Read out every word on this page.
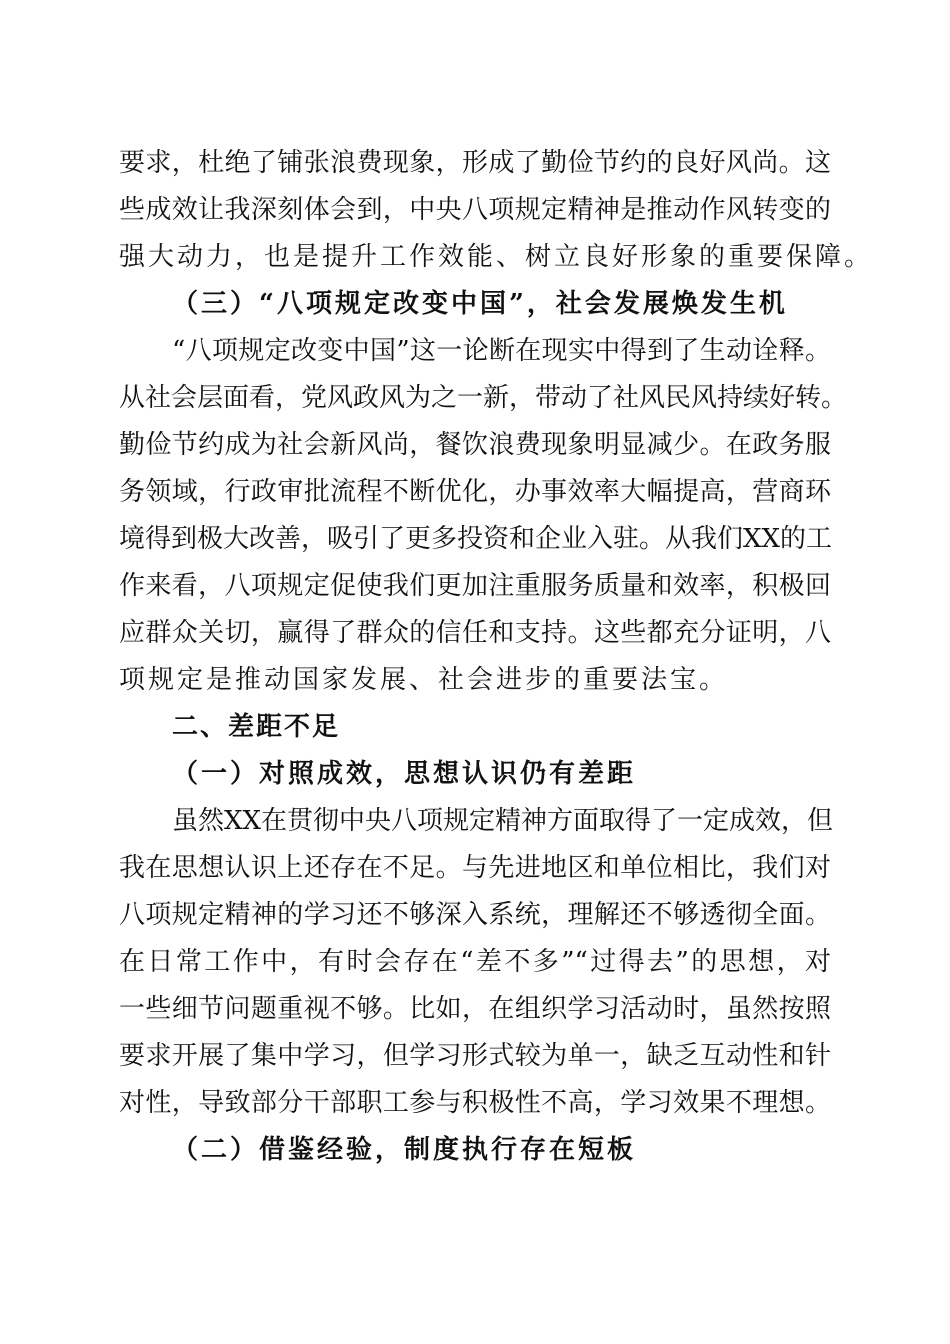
要求，杜绝了铺张浪费现象，形成了勤俭节约的良好风尚。这
些成效让我深刻体会到，中央八项规定精神是推动作风转变的
强大动力，也是提升工作效能、树立良好形象的重要保障。
（三）“八项规定改变中国”，社会发展焕发生机
“八项规定改变中国”这一论断在现实中得到了生动诠释。
从社会层面看，党风政风为之一新，带动了社风民风持续好转。
勤俭节约成为社会新风尚，餐饮浪费现象明显减少。在政务服
务领域，行政审批流程不断优化，办事效率大幅提高，营商环
境得到极大改善，吸引了更多投资和企业入驻。从我们XX的工
作来看，八项规定促使我们更加注重服务质量和效率，积极回
应群众关切，赢得了群众的信任和支持。这些都充分证明，八
项规定是推动国家发展、社会进步的重要法宝。
二、差距不足
（一）对照成效，思想认识仍有差距
虽然XX在贯彻中央八项规定精神方面取得了一定成效，但
我在思想认识上还存在不足。与先进地区和单位相比，我们对
八项规定精神的学习还不够深入系统，理解还不够透彻全面。
在日常工作中，有时会存在“差不多”“过得去”的思想，对
一些细节问题重视不够。比如，在组织学习活动时，虽然按照
要求开展了集中学习，但学习形式较为单一，缺乏互动性和针
对性，导致部分干部职工参与积极性不高，学习效果不理想。
（二）借鉴经验，制度执行存在短板
